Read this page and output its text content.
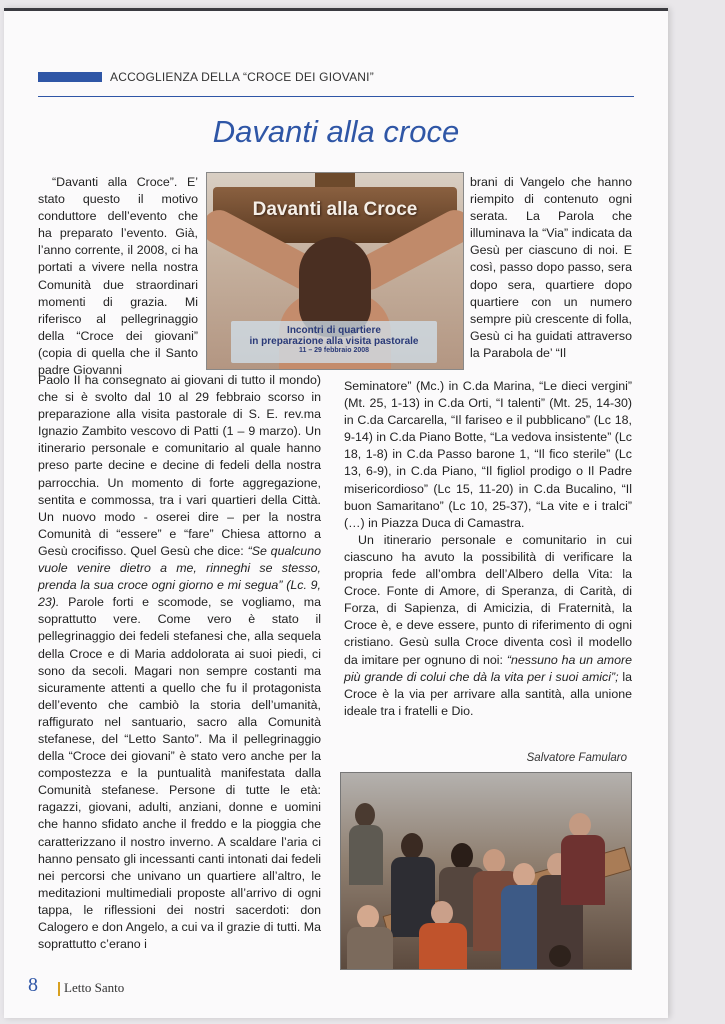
ACCOGLIENZA DELLA “CROCE DEI GIOVANI”
Davanti alla croce

“Davanti alla Croce”. E’ stato questo il motivo conduttore dell’evento che ha preparato l’evento. Già, l’anno corrente, il 2008, ci ha portati a vivere nella nostra Comunità due straordinari momenti di grazia. Mi riferisco al pellegrinaggio della “Croce dei giovani” (copia di quella che il Santo padre Giovanni

Davanti alla Croce
Incontri di quartiere
in preparazione alla visita pastorale
11 – 29 febbraio 2008

Paolo II ha consegnato ai giovani di tutto il mondo) che si è svolto dal 10 al 29 febbraio scorso in preparazione alla visita pastorale di S. E. rev.ma Ignazio Zambito vescovo di Patti (1 – 9 marzo). Un itinerario personale e comunitario al quale hanno preso parte decine e decine di fedeli della nostra parrocchia. Un momento di forte aggregazione, sentita e commossa, tra i vari quartieri della Città. Un nuovo modo - oserei dire – per la nostra Comunità di “essere” e “fare” Chiesa attorno a Gesù crocifisso. Quel Gesù che dice: “Se qualcuno vuole venire dietro a me, rinneghi se stesso, prenda la sua croce ogni giorno e mi segua” (Lc. 9, 23). Parole forti e scomode, se vogliamo, ma soprattutto vere. Come vero è stato il pellegrinaggio dei fedeli stefanesi che, alla sequela della Croce e di Maria addolorata ai suoi piedi, ci sono da secoli. Magari non sempre costanti ma sicuramente attenti a quello che fu il protagonista dell’evento che cambiò la storia dell’umanità, raffigurato nel santuario, sacro alla Comunità stefanese, del “Letto Santo”. Ma il pellegrinaggio della “Croce dei giovani” è stato vero anche per la compostezza e la puntualità manifestata dalla Comunità stefanese. Persone di tutte le età: ragazzi, giovani, adulti, anziani, donne e uomini che hanno sfidato anche il freddo e la pioggia che caratterizzano il nostro inverno. A scaldare l’aria ci hanno pensato gli incessanti canti intonati dai fedeli nei percorsi che univano un quartiere all’altro, le meditazioni multimediali proposte all’arrivo di ogni tappa, le riflessioni dei nostri sacerdoti: don Calogero e don Angelo, a cui va il grazie di tutti. Ma soprattutto c’erano i

brani di Vangelo che hanno riempito di contenuto ogni serata. La Parola che illuminava la “Via” indicata da Gesù per ciascuno di noi. E così, passo dopo passo, sera dopo sera, quartiere dopo quartiere con un numero sempre più crescente di folla, Gesù ci ha guidati attraverso la Parabola de’ “Il

Seminatore” (Mc.) in C.da Marina, “Le dieci vergini” (Mt. 25, 1-13) in C.da Orti, “I talenti” (Mt. 25, 14-30) in C.da Carcarella, “Il fariseo e il pubblicano” (Lc 18, 9-14) in C.da Piano Botte, “La vedova insistente” (Lc 18, 1-8) in C.da Passo barone 1, “Il fico sterile” (Lc 13, 6-9), in C.da Piano, “Il figliol prodigo o Il Padre misericordioso” (Lc 15, 11-20) in C.da Bucalino, “Il buon Samaritano” (Lc 10, 25-37), “La vite e i tralci” (…) in Piazza Duca di Camastra.

Un itinerario personale e comunitario in cui ciascuno ha avuto la possibilità di verificare la propria fede all’ombra dell’Albero della Vita: la Croce. Fonte di Amore, di Speranza, di Carità, di Forza, di Sapienza, di Amicizia, di Fraternità, la Croce è, e deve essere, punto di riferimento di ogni cristiano. Gesù sulla Croce diventa così il modello da imitare per ognuno di noi: “nessuno ha un amore più grande di colui che dà la vita per i suoi amici”; la Croce è la via per arrivare alla santità, alla unione ideale tra i fratelli e Dio.

Salvatore Famularo
8 Letto Santo
